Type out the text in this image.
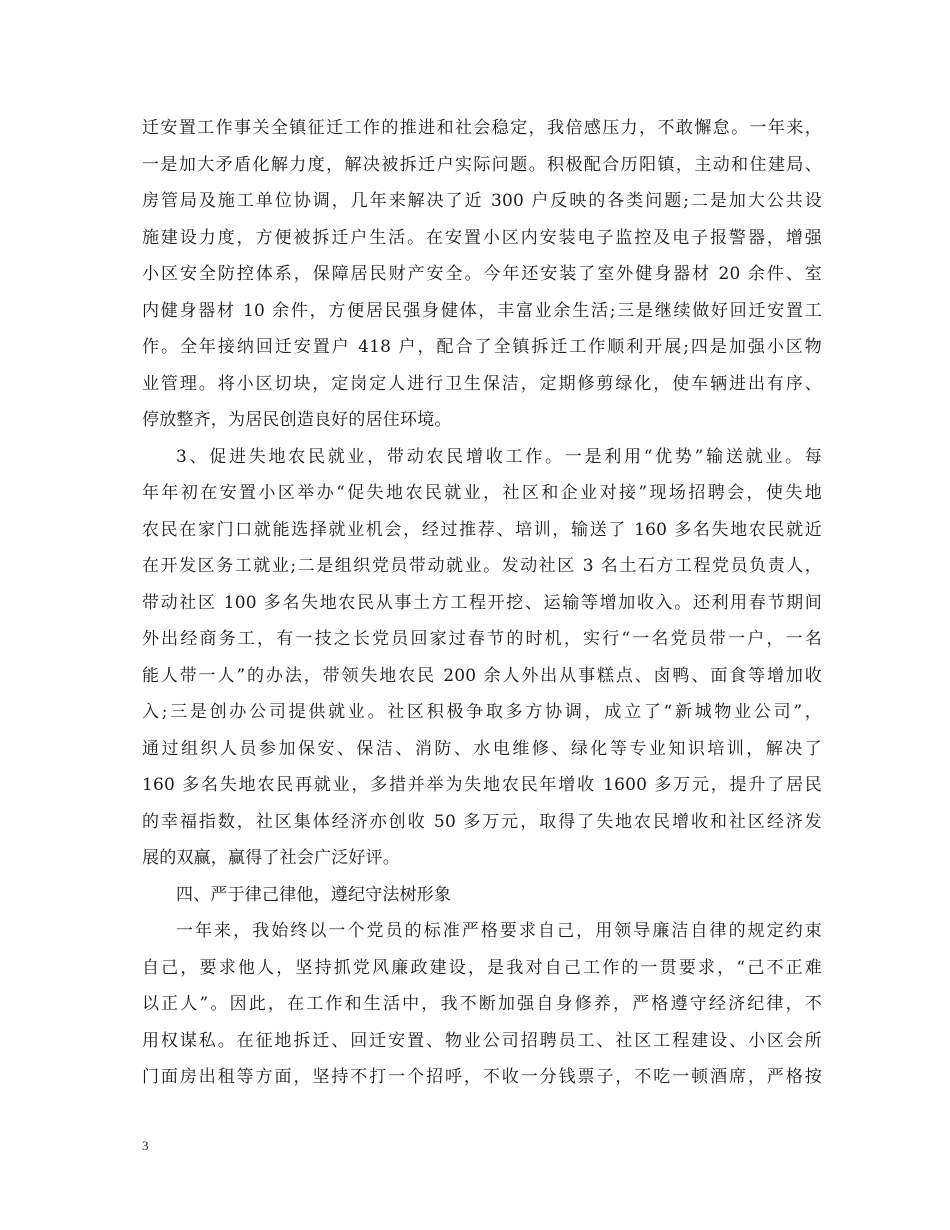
迁安置工作事关全镇征迁工作的推进和社会稳定，我倍感压力，不敢懈怠。一年来，
一是加大矛盾化解力度，解决被拆迁户实际问题。积极配合历阳镇，主动和住建局、
房管局及施工单位协调，几年来解决了近 300 户反映的各类问题;二是加大公共设
施建设力度，方便被拆迁户生活。在安置小区内安装电子监控及电子报警器，增强
小区安全防控体系，保障居民财产安全。今年还安装了室外健身器材 20 余件、室
内健身器材 10 余件，方便居民强身健体，丰富业余生活;三是继续做好回迁安置工
作。全年接纳回迁安置户 418 户，配合了全镇拆迁工作顺利开展;四是加强小区物
业管理。将小区切块，定岗定人进行卫生保洁，定期修剪绿化，使车辆进出有序、
停放整齐，为居民创造良好的居住环境。
3、促进失地农民就业，带动农民增收工作。一是利用“优势”输送就业。每
年年初在安置小区举办“促失地农民就业，社区和企业对接”现场招聘会，使失地
农民在家门口就能选择就业机会，经过推荐、培训，输送了 160 多名失地农民就近
在开发区务工就业;二是组织党员带动就业。发动社区 3 名土石方工程党员负责人，
带动社区 100 多名失地农民从事土方工程开挖、运输等增加收入。还利用春节期间
外出经商务工，有一技之长党员回家过春节的时机，实行“一名党员带一户，一名
能人带一人”的办法，带领失地农民 200 余人外出从事糕点、卤鸭、面食等增加收
入;三是创办公司提供就业。社区积极争取多方协调，成立了“新城物业公司”，
通过组织人员参加保安、保洁、消防、水电维修、绿化等专业知识培训，解决了
160 多名失地农民再就业，多措并举为失地农民年增收 1600 多万元，提升了居民
的幸福指数，社区集体经济亦创收 50 多万元，取得了失地农民增收和社区经济发
展的双赢，赢得了社会广泛好评。
四、严于律己律他，遵纪守法树形象
一年来，我始终以一个党员的标准严格要求自己，用领导廉洁自律的规定约束
自己，要求他人，坚持抓党风廉政建设，是我对自己工作的一贯要求，“己不正难
以正人”。因此，在工作和生活中，我不断加强自身修养，严格遵守经济纪律，不
用权谋私。在征地拆迁、回迁安置、物业公司招聘员工、社区工程建设、小区会所
门面房出租等方面，坚持不打一个招呼，不收一分钱票子，不吃一顿酒席，严格按
3
